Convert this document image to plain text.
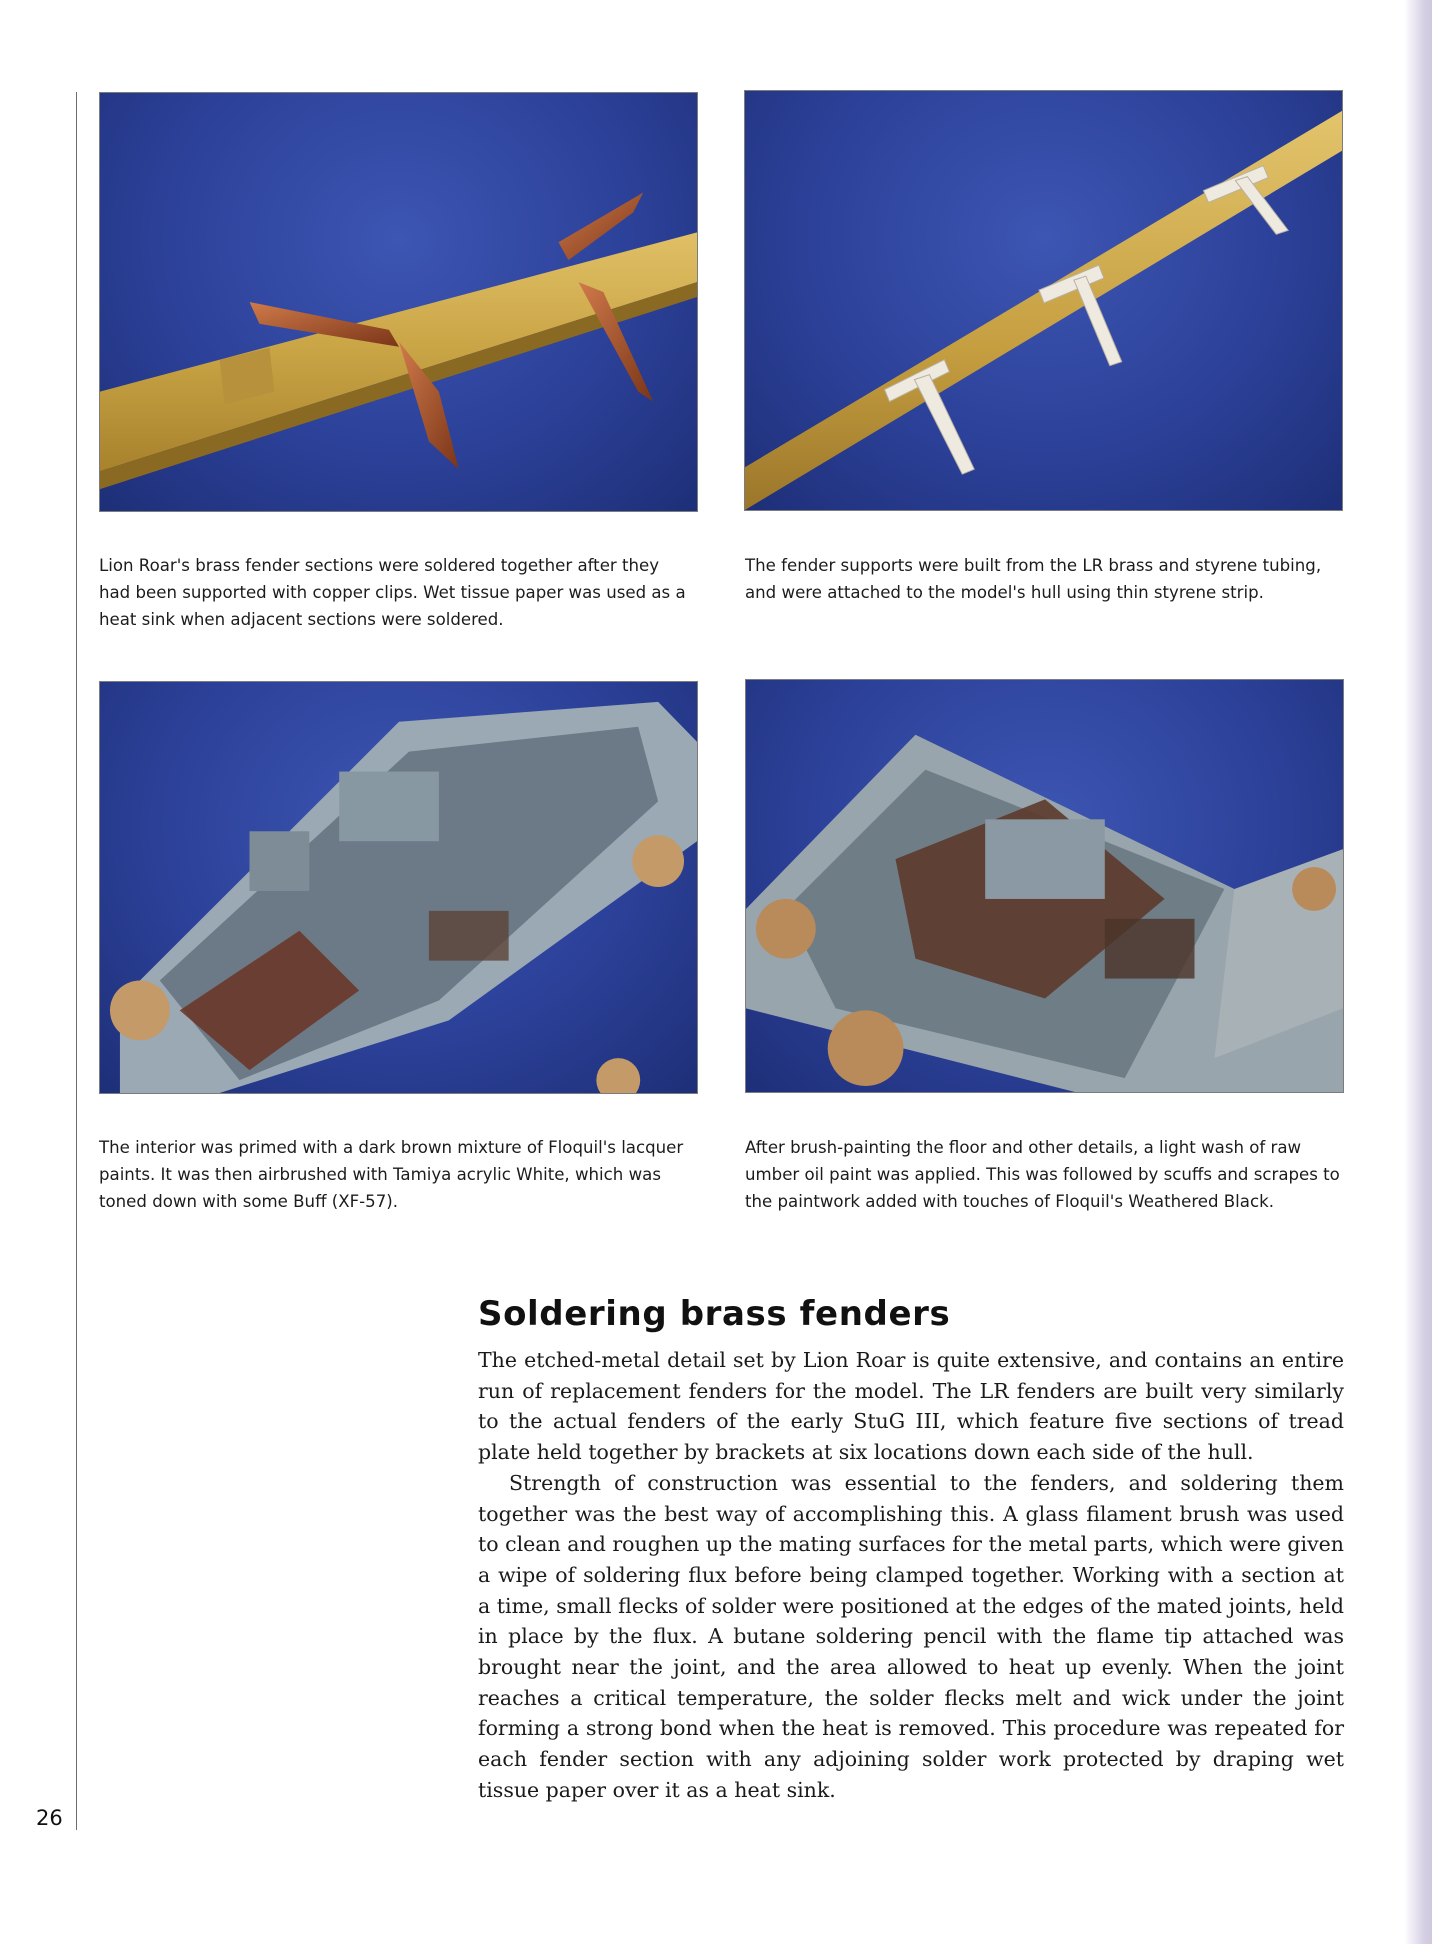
26

Lion Roar's brass fender sections were soldered together after they had been supported with copper clips. Wet tissue paper was used as a heat sink when adjacent sections were soldered.

The fender supports were built from the LR brass and styrene tubing, and were attached to the model's hull using thin styrene strip.

The interior was primed with a dark brown mixture of Floquil's lacquer paints. It was then airbrushed with Tamiya acrylic White, which was toned down with some Buff (XF-57).

After brush-painting the floor and other details, a light wash of raw umber oil paint was applied. This was followed by scuffs and scrapes to the paintwork added with touches of Floquil's Weathered Black.

Soldering brass fenders

The etched-metal detail set by Lion Roar is quite extensive, and contains an entire run of replacement fenders for the model. The LR fenders are built very similarly to the actual fenders of the early StuG III, which feature five sections of tread plate held together by brackets at six locations down each side of the hull.

Strength of construction was essential to the fenders, and soldering them together was the best way of accomplishing this. A glass filament brush was used to clean and roughen up the mating surfaces for the metal parts, which were given a wipe of soldering flux before being clamped together. Working with a section at a time, small flecks of solder were positioned at the edges of the mated joints, held in place by the flux. A butane soldering pencil with the flame tip attached was brought near the joint, and the area allowed to heat up evenly. When the joint reaches a critical temperature, the solder flecks melt and wick under the joint forming a strong bond when the heat is removed. This procedure was repeated for each fender section with any adjoining solder work protected by draping wet tissue paper over it as a heat sink.
